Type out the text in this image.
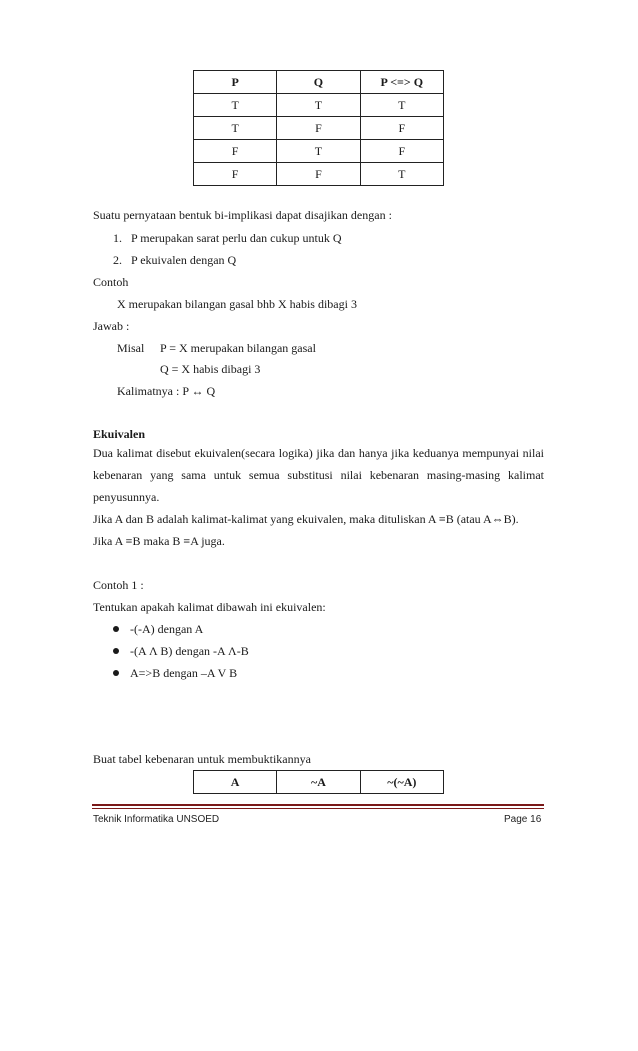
P	Q	P <=> Q
T	T	T
T	F	F
F	T	F
F	F	T
Suatu pernyataan bentuk bi-implikasi dapat disajikan dengan :
1. P merupakan sarat perlu dan cukup untuk Q
2. P ekuivalen dengan Q
Contoh
X merupakan bilangan gasal bhb X habis dibagi 3
Jawab :
Misal P = X merupakan bilangan gasal
Q = X habis dibagi 3
Kalimatnya : P ↔ Q
Ekuivalen
Dua kalimat disebut ekuivalen(secara logika) jika dan hanya jika keduanya mempunyai nilai kebenaran yang sama untuk semua substitusi nilai kebenaran masing-masing kalimat penyusunnya.
Jika A dan B adalah kalimat-kalimat yang ekuivalen, maka dituliskan A ≡B (atau A⇔B).
Jika A ≡B maka B ≡A juga.
Contoh 1 :
Tentukan apakah kalimat dibawah ini ekuivalen:
-(-A) dengan A
-(A Λ B) dengan -A Λ-B
A=>B dengan –A V B
Buat tabel kebenaran untuk membuktikannya
A	~A	~(~A)
Teknik Informatika UNSOED	Page 16
